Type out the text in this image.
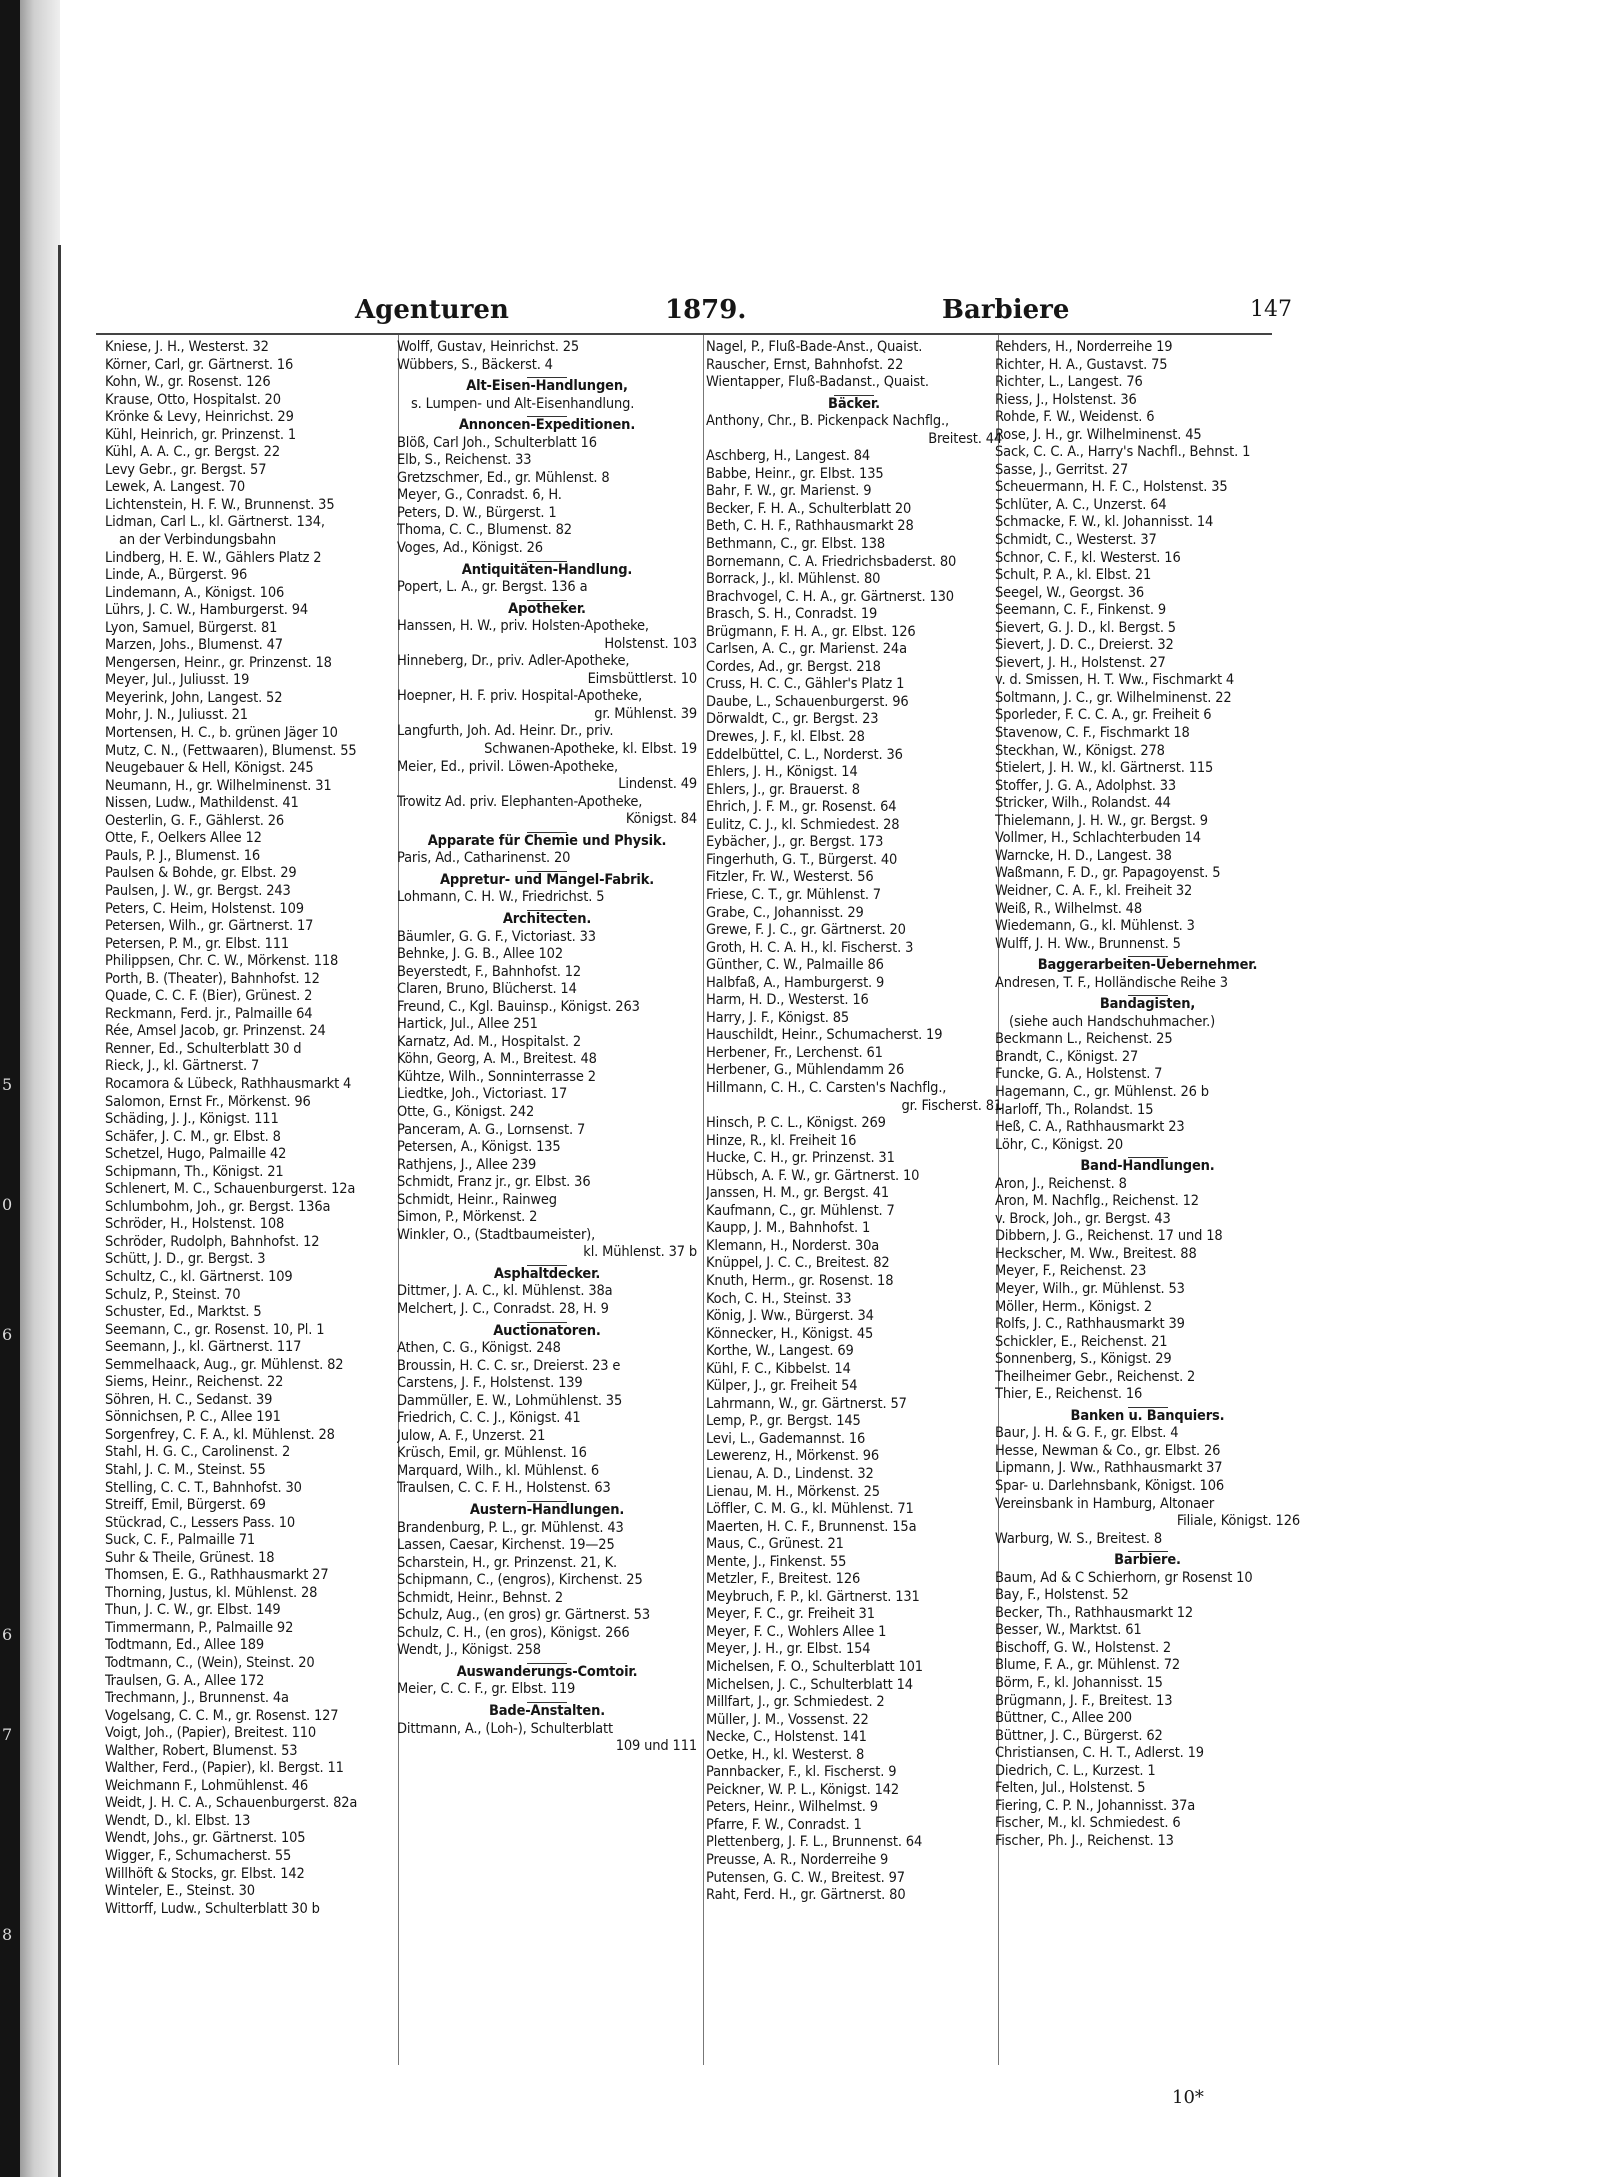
5
0
6
6
7
8
Agenturen	1879.	Barbiere	147
Kniese, J. H., Westerst. 32
Körner, Carl, gr. Gärtnerst. 16
Kohn, W., gr. Rosenst. 126
Krause, Otto, Hospitalst. 20
Krönke & Levy, Heinrichst. 29
Kühl, Heinrich, gr. Prinzenst. 1
Kühl, A. A. C., gr. Bergst. 22
Levy Gebr., gr. Bergst. 57
Lewek, A. Langest. 70
Lichtenstein, H. F. W., Brunnenst. 35
Lidman, Carl L., kl. Gärtnerst. 134,
an der Verbindungsbahn
Lindberg, H. E. W., Gählers Platz 2
Linde, A., Bürgerst. 96
Lindemann, A., Königst. 106
Lührs, J. C. W., Hamburgerst. 94
Lyon, Samuel, Bürgerst. 81
Marzen, Johs., Blumenst. 47
Mengersen, Heinr., gr. Prinzenst. 18
Meyer, Jul., Juliusst. 19
Meyerink, John, Langest. 52
Mohr, J. N., Juliusst. 21
Mortensen, H. C., b. grünen Jäger 10
Mutz, C. N., (Fettwaaren), Blumenst. 55
Neugebauer & Hell, Königst. 245
Neumann, H., gr. Wilhelminenst. 31
Nissen, Ludw., Mathildenst. 41
Oesterlin, G. F., Gählerst. 26
Otte, F., Oelkers Allee 12
Pauls, P. J., Blumenst. 16
Paulsen & Bohde, gr. Elbst. 29
Paulsen, J. W., gr. Bergst. 243
Peters, C. Heim, Holstenst. 109
Petersen, Wilh., gr. Gärtnerst. 17
Petersen, P. M., gr. Elbst. 111
Philippsen, Chr. C. W., Mörkenst. 118
Porth, B. (Theater), Bahnhofst. 12
Quade, C. C. F. (Bier), Grünest. 2
Reckmann, Ferd. jr., Palmaille 64
Rée, Amsel Jacob, gr. Prinzenst. 24
Renner, Ed., Schulterblatt 30 d
Rieck, J., kl. Gärtnerst. 7
Rocamora & Lübeck, Rathhausmarkt 4
Salomon, Ernst Fr., Mörkenst. 96
Schäding, J. J., Königst. 111
Schäfer, J. C. M., gr. Elbst. 8
Schetzel, Hugo, Palmaille 42
Schipmann, Th., Königst. 21
Schlenert, M. C., Schauenburgerst. 12a
Schlumbohm, Joh., gr. Bergst. 136a
Schröder, H., Holstenst. 108
Schröder, Rudolph, Bahnhofst. 12
Schütt, J. D., gr. Bergst. 3
Schultz, C., kl. Gärtnerst. 109
Schulz, P., Steinst. 70
Schuster, Ed., Marktst. 5
Seemann, C., gr. Rosenst. 10, Pl. 1
Seemann, J., kl. Gärtnerst. 117
Semmelhaack, Aug., gr. Mühlenst. 82
Siems, Heinr., Reichenst. 22
Söhren, H. C., Sedanst. 39
Sönnichsen, P. C., Allee 191
Sorgenfrey, C. F. A., kl. Mühlenst. 28
Stahl, H. G. C., Carolinenst. 2
Stahl, J. C. M., Steinst. 55
Stelling, C. C. T., Bahnhofst. 30
Streiff, Emil, Bürgerst. 69
Stückrad, C., Lessers Pass. 10
Suck, C. F., Palmaille 71
Suhr & Theile, Grünest. 18
Thomsen, E. G., Rathhausmarkt 27
Thorning, Justus, kl. Mühlenst. 28
Thun, J. C. W., gr. Elbst. 149
Timmermann, P., Palmaille 92
Todtmann, Ed., Allee 189
Todtmann, C., (Wein), Steinst. 20
Traulsen, G. A., Allee 172
Trechmann, J., Brunnenst. 4a
Vogelsang, C. C. M., gr. Rosenst. 127
Voigt, Joh., (Papier), Breitest. 110
Walther, Robert, Blumenst. 53
Walther, Ferd., (Papier), kl. Bergst. 11
Weichmann F., Lohmühlenst. 46
Weidt, J. H. C. A., Schauenburgerst. 82a
Wendt, D., kl. Elbst. 13
Wendt, Johs., gr. Gärtnerst. 105
Wigger, F., Schumacherst. 55
Willhöft & Stocks, gr. Elbst. 142
Winteler, E., Steinst. 30
Wittorff, Ludw., Schulterblatt 30 b
Wolff, Gustav, Heinrichst. 25
Wübbers, S., Bäckerst. 4
Alt-Eisen-Handlungen,
s. Lumpen- und Alt-Eisenhandlung.
Annoncen-Expeditionen.
Blöß, Carl Joh., Schulterblatt 16
Elb, S., Reichenst. 33
Gretzschmer, Ed., gr. Mühlenst. 8
Meyer, G., Conradst. 6, H.
Peters, D. W., Bürgerst. 1
Thoma, C. C., Blumenst. 82
Voges, Ad., Königst. 26
Antiquitäten-Handlung.
Popert, L. A., gr. Bergst. 136 a
Apotheker.
Hanssen, H. W., priv. Holsten-Apotheke,
Holstenst. 103
Hinneberg, Dr., priv. Adler-Apotheke,
Eimsbüttlerst. 10
Hoepner, H. F. priv. Hospital-Apotheke,
gr. Mühlenst. 39
Langfurth, Joh. Ad. Heinr. Dr., priv.
Schwanen-Apotheke, kl. Elbst. 19
Meier, Ed., privil. Löwen-Apotheke,
Lindenst. 49
Trowitz Ad. priv. Elephanten-Apotheke,
Königst. 84
Apparate für Chemie und Physik.
Paris, Ad., Catharinenst. 20
Appretur- und Mangel-Fabrik.
Lohmann, C. H. W., Friedrichst. 5
Architecten.
Bäumler, G. G. F., Victoriast. 33
Behnke, J. G. B., Allee 102
Beyerstedt, F., Bahnhofst. 12
Claren, Bruno, Blücherst. 14
Freund, C., Kgl. Bauinsp., Königst. 263
Hartick, Jul., Allee 251
Karnatz, Ad. M., Hospitalst. 2
Köhn, Georg, A. M., Breitest. 48
Kühtze, Wilh., Sonninterrasse 2
Liedtke, Joh., Victoriast. 17
Otte, G., Königst. 242
Panceram, A. G., Lornsenst. 7
Petersen, A., Königst. 135
Rathjens, J., Allee 239
Schmidt, Franz jr., gr. Elbst. 36
Schmidt, Heinr., Rainweg
Simon, P., Mörkenst. 2
Winkler, O., (Stadtbaumeister),
kl. Mühlenst. 37 b
Asphaltdecker.
Dittmer, J. A. C., kl. Mühlenst. 38a
Melchert, J. C., Conradst. 28, H. 9
Auctionatoren.
Athen, C. G., Königst. 248
Broussin, H. C. C. sr., Dreierst. 23 e
Carstens, J. F., Holstenst. 139
Dammüller, E. W., Lohmühlenst. 35
Friedrich, C. C. J., Königst. 41
Julow, A. F., Unzerst. 21
Krüsch, Emil, gr. Mühlenst. 16
Marquard, Wilh., kl. Mühlenst. 6
Traulsen, C. C. F. H., Holstenst. 63
Austern-Handlungen.
Brandenburg, P. L., gr. Mühlenst. 43
Lassen, Caesar, Kirchenst. 19—25
Scharstein, H., gr. Prinzenst. 21, K.
Schipmann, C., (engros), Kirchenst. 25
Schmidt, Heinr., Behnst. 2
Schulz, Aug., (en gros) gr. Gärtnerst. 53
Schulz, C. H., (en gros), Königst. 266
Wendt, J., Königst. 258
Auswanderungs-Comtoir.
Meier, C. C. F., gr. Elbst. 119
Bade-Anstalten.
Dittmann, A., (Loh-), Schulterblatt
109 und 111
Nagel, P., Fluß-Bade-Anst., Quaist.
Rauscher, Ernst, Bahnhofst. 22
Wientapper, Fluß-Badanst., Quaist.
Bäcker.
Anthony, Chr., B. Pickenpack Nachflg.,
Breitest. 44
Aschberg, H., Langest. 84
Babbe, Heinr., gr. Elbst. 135
Bahr, F. W., gr. Marienst. 9
Becker, F. H. A., Schulterblatt 20
Beth, C. H. F., Rathhausmarkt 28
Bethmann, C., gr. Elbst. 138
Bornemann, C. A. Friedrichsbaderst. 80
Borrack, J., kl. Mühlenst. 80
Brachvogel, C. H. A., gr. Gärtnerst. 130
Brasch, S. H., Conradst. 19
Brügmann, F. H. A., gr. Elbst. 126
Carlsen, A. C., gr. Marienst. 24a
Cordes, Ad., gr. Bergst. 218
Cruss, H. C. C., Gähler's Platz 1
Daube, L., Schauenburgerst. 96
Dörwaldt, C., gr. Bergst. 23
Drewes, J. F., kl. Elbst. 28
Eddelbüttel, C. L., Norderst. 36
Ehlers, J. H., Königst. 14
Ehlers, J., gr. Brauerst. 8
Ehrich, J. F. M., gr. Rosenst. 64
Eulitz, C. J., kl. Schmiedest. 28
Eybächer, J., gr. Bergst. 173
Fingerhuth, G. T., Bürgerst. 40
Fitzler, Fr. W., Westerst. 56
Friese, C. T., gr. Mühlenst. 7
Grabe, C., Johannisst. 29
Grewe, F. J. C., gr. Gärtnerst. 20
Groth, H. C. A. H., kl. Fischerst. 3
Günther, C. W., Palmaille 86
Halbfaß, A., Hamburgerst. 9
Harm, H. D., Westerst. 16
Harry, J. F., Königst. 85
Hauschildt, Heinr., Schumacherst. 19
Herbener, Fr., Lerchenst. 61
Herbener, G., Mühlendamm 26
Hillmann, C. H., C. Carsten's Nachflg.,
gr. Fischerst. 81
Hinsch, P. C. L., Königst. 269
Hinze, R., kl. Freiheit 16
Hucke, C. H., gr. Prinzenst. 31
Hübsch, A. F. W., gr. Gärtnerst. 10
Janssen, H. M., gr. Bergst. 41
Kaufmann, C., gr. Mühlenst. 7
Kaupp, J. M., Bahnhofst. 1
Klemann, H., Norderst. 30a
Knüppel, J. C. C., Breitest. 82
Knuth, Herm., gr. Rosenst. 18
Koch, C. H., Steinst. 33
König, J. Ww., Bürgerst. 34
Könnecker, H., Königst. 45
Korthe, W., Langest. 69
Kühl, F. C., Kibbelst. 14
Külper, J., gr. Freiheit 54
Lahrmann, W., gr. Gärtnerst. 57
Lemp, P., gr. Bergst. 145
Levi, L., Gademannst. 16
Lewerenz, H., Mörkenst. 96
Lienau, A. D., Lindenst. 32
Lienau, M. H., Mörkenst. 25
Löffler, C. M. G., kl. Mühlenst. 71
Maerten, H. C. F., Brunnenst. 15a
Maus, C., Grünest. 21
Mente, J., Finkenst. 55
Metzler, F., Breitest. 126
Meybruch, F. P., kl. Gärtnerst. 131
Meyer, F. C., gr. Freiheit 31
Meyer, F. C., Wohlers Allee 1
Meyer, J. H., gr. Elbst. 154
Michelsen, F. O., Schulterblatt 101
Michelsen, J. C., Schulterblatt 14
Millfart, J., gr. Schmiedest. 2
Müller, J. M., Vossenst. 22
Necke, C., Holstenst. 141
Oetke, H., kl. Westerst. 8
Pannbacker, F., kl. Fischerst. 9
Peickner, W. P. L., Königst. 142
Peters, Heinr., Wilhelmst. 9
Pfarre, F. W., Conradst. 1
Plettenberg, J. F. L., Brunnenst. 64
Preusse, A. R., Norderreihe 9
Putensen, G. C. W., Breitest. 97
Raht, Ferd. H., gr. Gärtnerst. 80
Rehders, H., Norderreihe 19
Richter, H. A., Gustavst. 75
Richter, L., Langest. 76
Riess, J., Holstenst. 36
Rohde, F. W., Weidenst. 6
Rose, J. H., gr. Wilhelminenst. 45
Sack, C. C. A., Harry's Nachfl., Behnst. 1
Sasse, J., Gerritst. 27
Scheuermann, H. F. C., Holstenst. 35
Schlüter, A. C., Unzerst. 64
Schmacke, F. W., kl. Johannisst. 14
Schmidt, C., Westerst. 37
Schnor, C. F., kl. Westerst. 16
Schult, P. A., kl. Elbst. 21
Seegel, W., Georgst. 36
Seemann, C. F., Finkenst. 9
Sievert, G. J. D., kl. Bergst. 5
Sievert, J. D. C., Dreierst. 32
Sievert, J. H., Holstenst. 27
v. d. Smissen, H. T. Ww., Fischmarkt 4
Soltmann, J. C., gr. Wilhelminenst. 22
Sporleder, F. C. C. A., gr. Freiheit 6
Stavenow, C. F., Fischmarkt 18
Steckhan, W., Königst. 278
Stielert, J. H. W., kl. Gärtnerst. 115
Stoffer, J. G. A., Adolphst. 33
Stricker, Wilh., Rolandst. 44
Thielemann, J. H. W., gr. Bergst. 9
Vollmer, H., Schlachterbuden 14
Warncke, H. D., Langest. 38
Waßmann, F. D., gr. Papagoyenst. 5
Weidner, C. A. F., kl. Freiheit 32
Weiß, R., Wilhelmst. 48
Wiedemann, G., kl. Mühlenst. 3
Wulff, J. H. Ww., Brunnenst. 5
Baggerarbeiten-Uebernehmer.
Andresen, T. F., Holländische Reihe 3
Bandagisten,
(siehe auch Handschuhmacher.)
Beckmann L., Reichenst. 25
Brandt, C., Königst. 27
Funcke, G. A., Holstenst. 7
Hagemann, C., gr. Mühlenst. 26 b
Harloff, Th., Rolandst. 15
Heß, C. A., Rathhausmarkt 23
Löhr, C., Königst. 20
Band-Handlungen.
Aron, J., Reichenst. 8
Aron, M. Nachflg., Reichenst. 12
v. Brock, Joh., gr. Bergst. 43
Dibbern, J. G., Reichenst. 17 und 18
Heckscher, M. Ww., Breitest. 88
Meyer, F., Reichenst. 23
Meyer, Wilh., gr. Mühlenst. 53
Möller, Herm., Königst. 2
Rolfs, J. C., Rathhausmarkt 39
Schickler, E., Reichenst. 21
Sonnenberg, S., Königst. 29
Theilheimer Gebr., Reichenst. 2
Thier, E., Reichenst. 16
Banken u. Banquiers.
Baur, J. H. & G. F., gr. Elbst. 4
Hesse, Newman & Co., gr. Elbst. 26
Lipmann, J. Ww., Rathhausmarkt 37
Spar- u. Darlehnsbank, Königst. 106
Vereinsbank in Hamburg, Altonaer
Filiale, Königst. 126
Warburg, W. S., Breitest. 8
Barbiere.
Baum, Ad & C Schierhorn, gr Rosenst 10
Bay, F., Holstenst. 52
Becker, Th., Rathhausmarkt 12
Besser, W., Marktst. 61
Bischoff, G. W., Holstenst. 2
Blume, F. A., gr. Mühlenst. 72
Börm, F., kl. Johannisst. 15
Brügmann, J. F., Breitest. 13
Büttner, C., Allee 200
Büttner, J. C., Bürgerst. 62
Christiansen, C. H. T., Adlerst. 19
Diedrich, C. L., Kurzest. 1
Felten, Jul., Holstenst. 5
Fiering, C. P. N., Johannisst. 37a
Fischer, M., kl. Schmiedest. 6
Fischer, Ph. J., Reichenst. 13
10*
